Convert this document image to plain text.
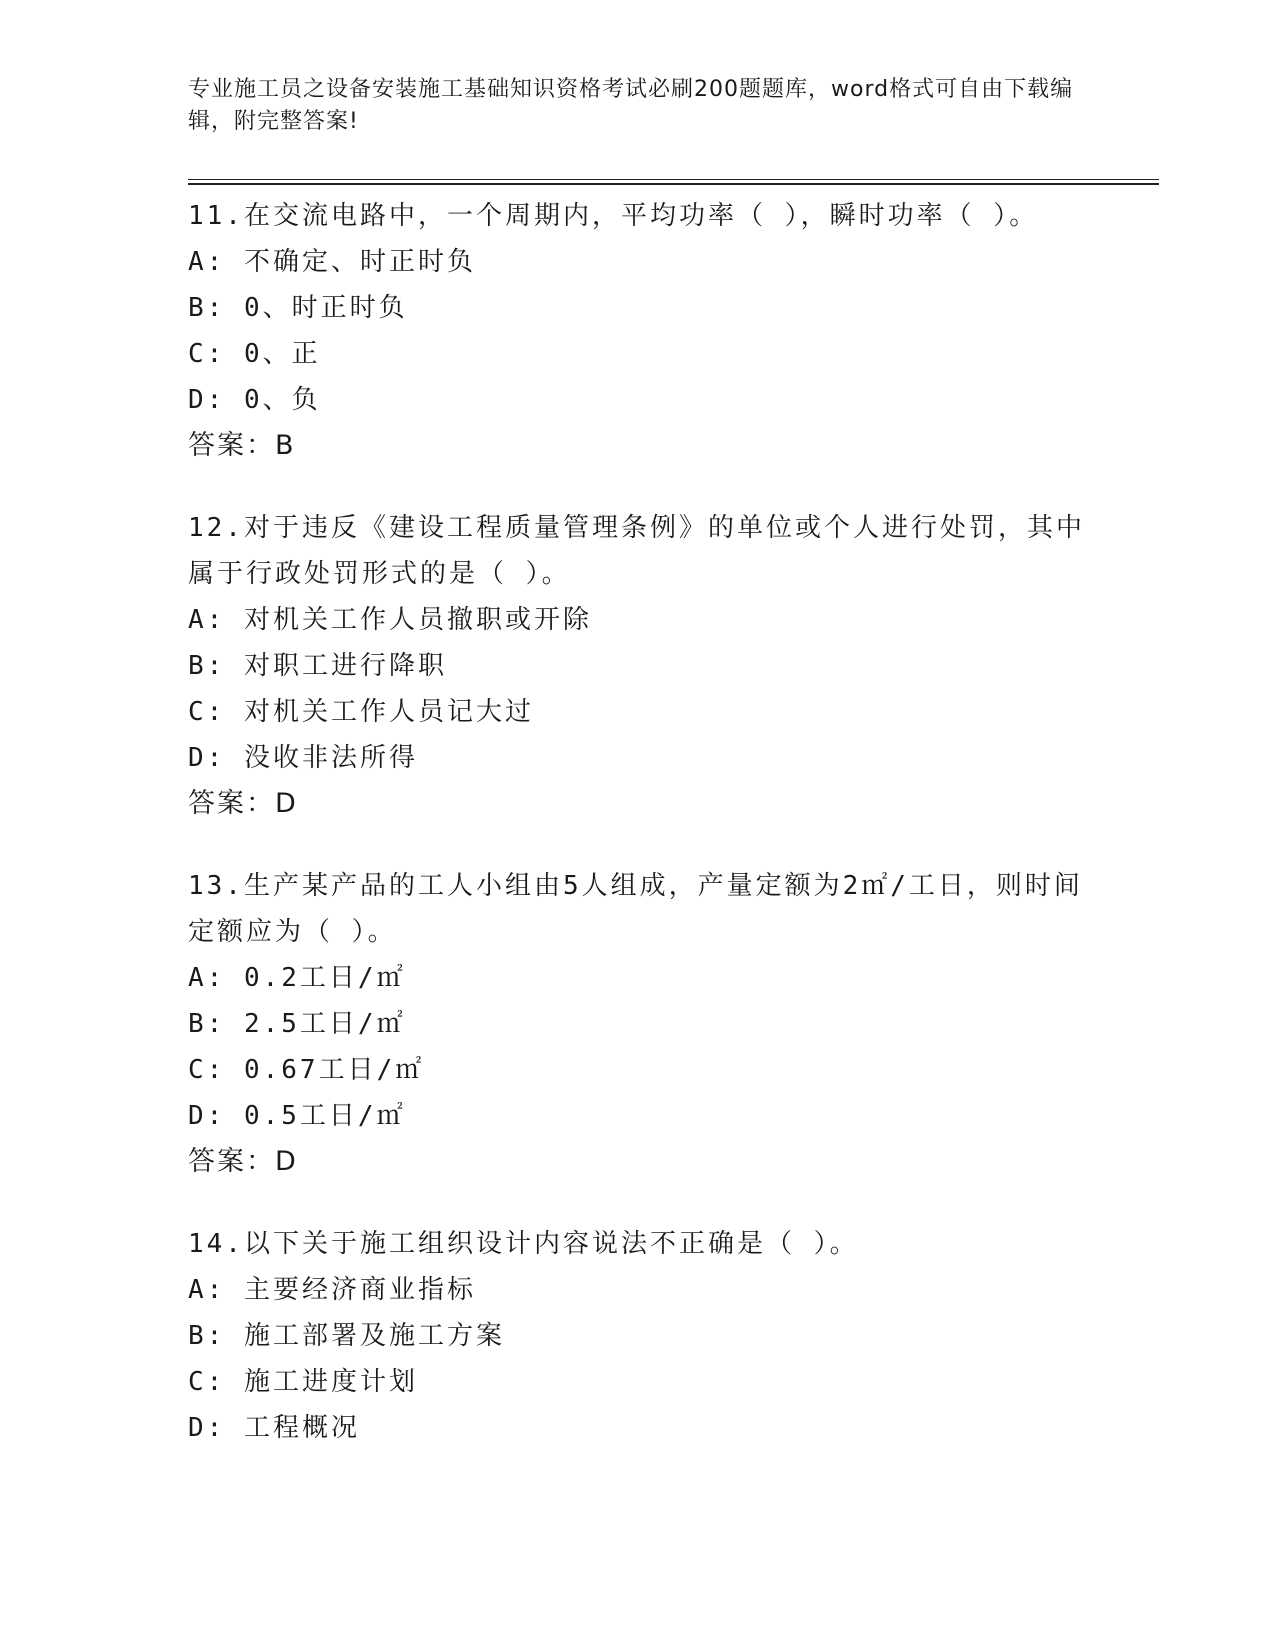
专业施工员之设备安装施工基础知识资格考试必刷200题题库，word格式可自由下载编辑，附完整答案!
11.在交流电路中，一个周期内，平均功率（ ），瞬时功率（ ）。
A: 不确定、时正时负
B: 0、时正时负
C: 0、正
D: 0、负
答案：B
12.对于违反《建设工程质量管理条例》的单位或个人进行处罚，其中属于行政处罚形式的是（ ）。
A: 对机关工作人员撤职或开除
B: 对职工进行降职
C: 对机关工作人员记大过
D: 没收非法所得
答案：D
13.生产某产品的工人小组由5人组成，产量定额为2㎡/工日，则时间定额应为（ ）。
A: 0.2工日/㎡
B: 2.5工日/㎡
C: 0.67工日/㎡
D: 0.5工日/㎡
答案：D
14.以下关于施工组织设计内容说法不正确是（ ）。
A: 主要经济商业指标
B: 施工部署及施工方案
C: 施工进度计划
D: 工程概况
